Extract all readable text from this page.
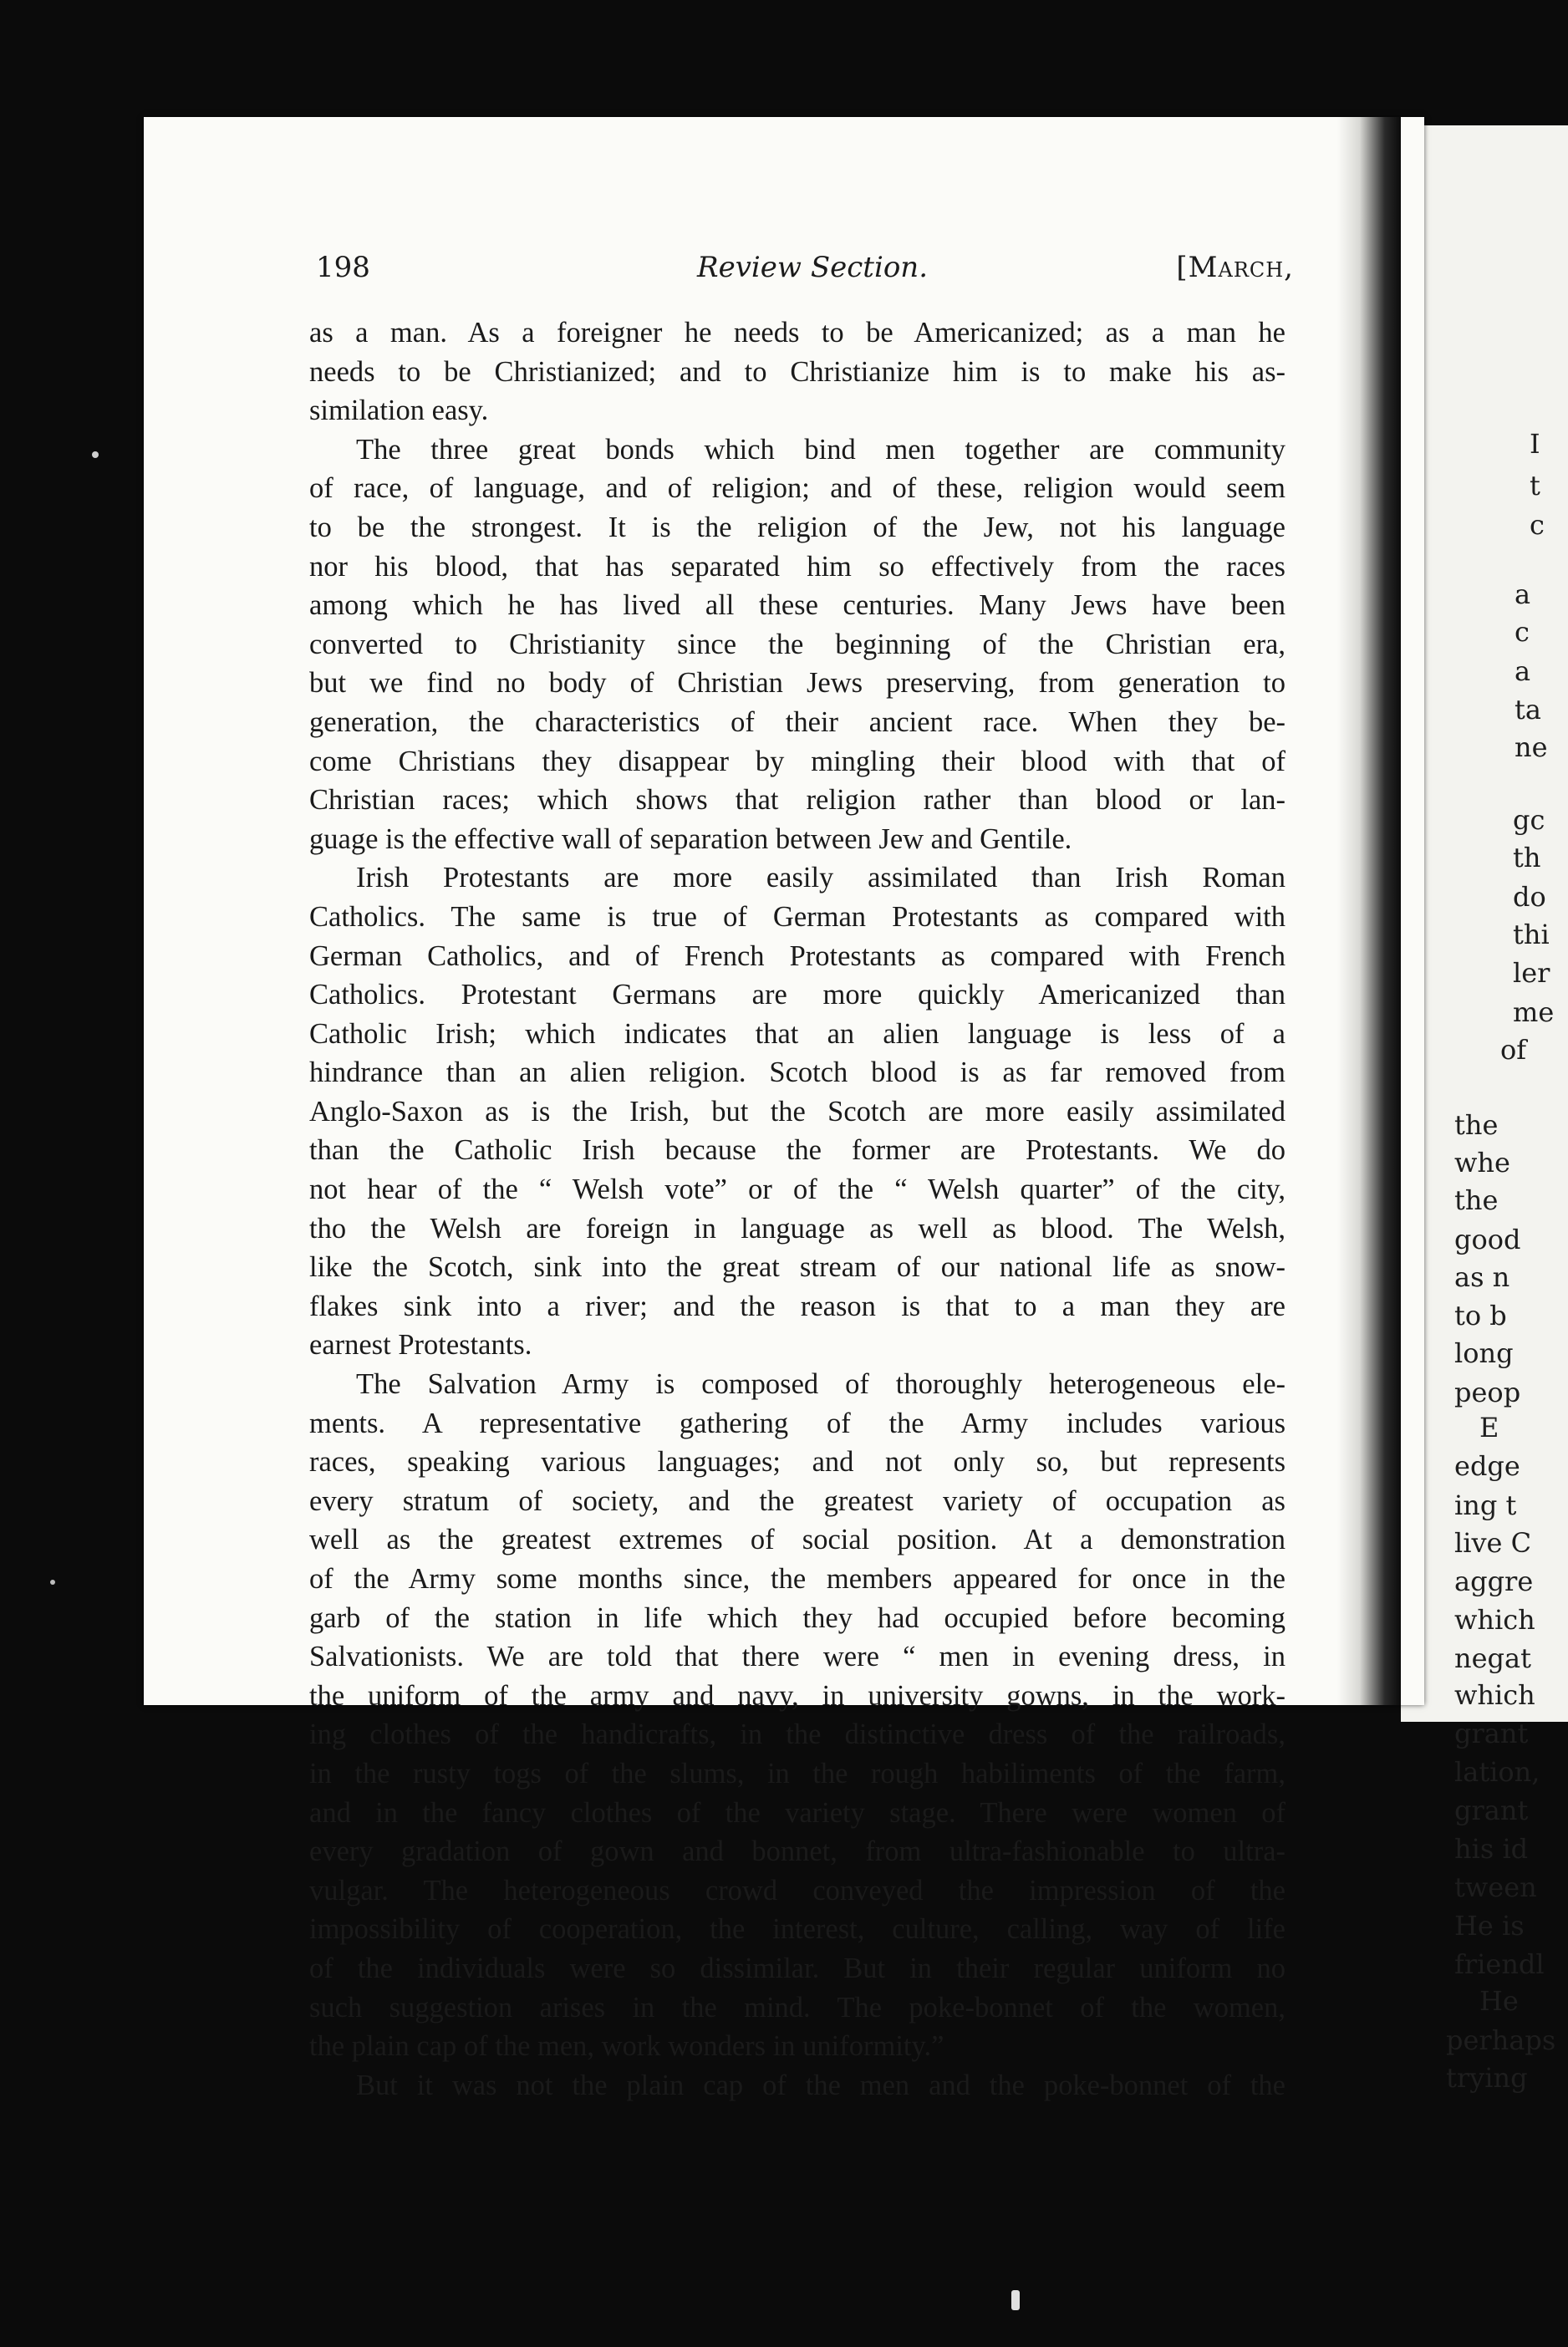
I
t
c
a
c
a
ta
ne
gc
th
do
thi
ler
me
of
the
whe
the
good
as n
to b
long
peop
E
edge
ing t
live C
aggre
which
negat
which
grant
lation,
grant
his id
tween
He is
friendl
He
perhaps
trying
198	Review Section.	[March,
as a man. As a foreigner he needs to be Americanized; as a man he
needs to be Christianized; and to Christianize him is to make his as-
similation easy.
The three great bonds which bind men together are community
of race, of language, and of religion; and of these, religion would seem
to be the strongest. It is the religion of the Jew, not his language
nor his blood, that has separated him so effectively from the races
among which he has lived all these centuries. Many Jews have been
converted to Christianity since the beginning of the Christian era,
but we find no body of Christian Jews preserving, from generation to
generation, the characteristics of their ancient race. When they be-
come Christians they disappear by mingling their blood with that of
Christian races; which shows that religion rather than blood or lan-
guage is the effective wall of separation between Jew and Gentile.
Irish Protestants are more easily assimilated than Irish Roman
Catholics. The same is true of German Protestants as compared with
German Catholics, and of French Protestants as compared with French
Catholics. Protestant Germans are more quickly Americanized than
Catholic Irish; which indicates that an alien language is less of a
hindrance than an alien religion. Scotch blood is as far removed from
Anglo-Saxon as is the Irish, but the Scotch are more easily assimilated
than the Catholic Irish because the former are Protestants. We do
not hear of the “ Welsh vote” or of the “ Welsh quarter” of the city,
tho the Welsh are foreign in language as well as blood. The Welsh,
like the Scotch, sink into the great stream of our national life as snow-
flakes sink into a river; and the reason is that to a man they are
earnest Protestants.
The Salvation Army is composed of thoroughly heterogeneous ele-
ments. A representative gathering of the Army includes various
races, speaking various languages; and not only so, but represents
every stratum of society, and the greatest variety of occupation as
well as the greatest extremes of social position. At a demonstration
of the Army some months since, the members appeared for once in the
garb of the station in life which they had occupied before becoming
Salvationists. We are told that there were “ men in evening dress, in
the uniform of the army and navy, in university gowns, in the work-
ing clothes of the handicrafts, in the distinctive dress of the railroads,
in the rusty togs of the slums, in the rough habiliments of the farm,
and in the fancy clothes of the variety stage. There were women of
every gradation of gown and bonnet, from ultra-fashionable to ultra-
vulgar. The heterogeneous crowd conveyed the impression of the
impossibility of cooperation, the interest, culture, calling, way of life
of the individuals were so dissimilar. But in their regular uniform no
such suggestion arises in the mind. The poke-bonnet of the women,
the plain cap of the men, work wonders in uniformity.”
But it was not the plain cap of the men and the poke-bonnet of the
